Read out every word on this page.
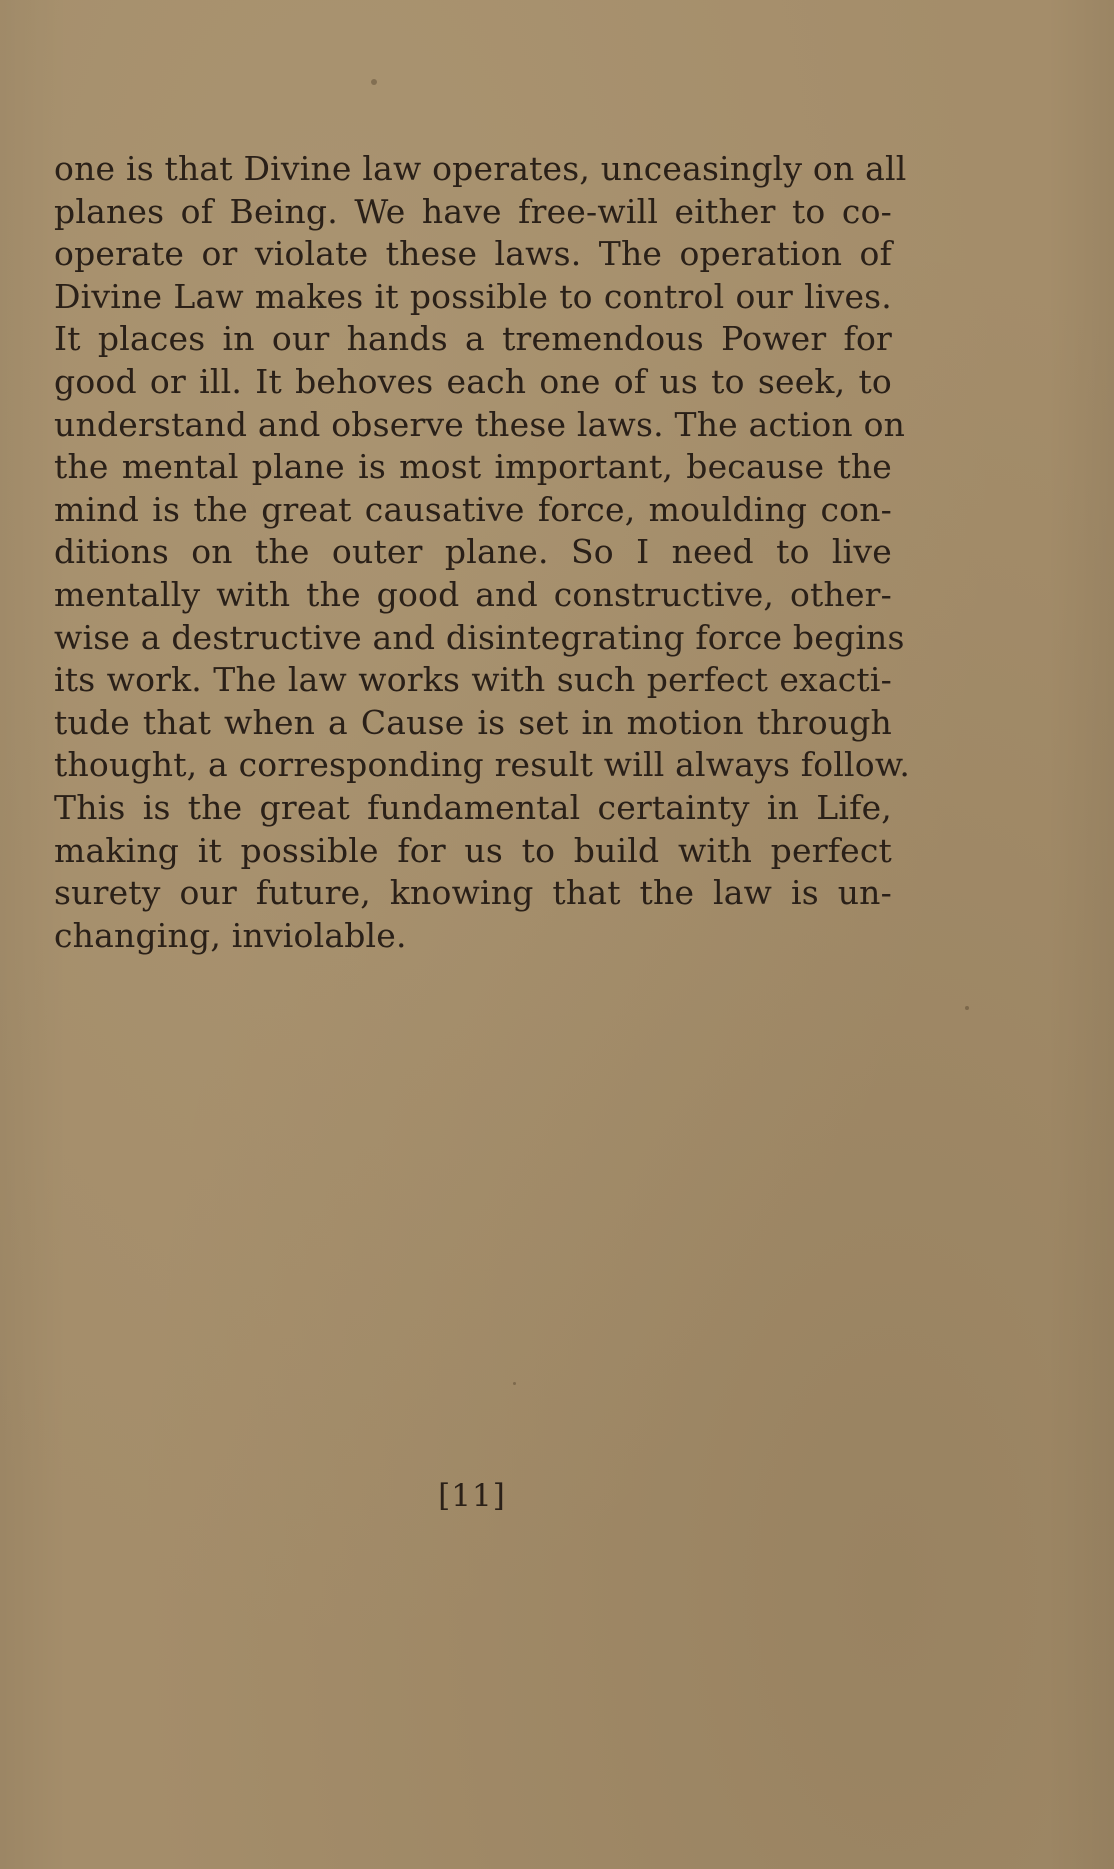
one is that Divine law operates, unceasingly on all
planes of Being. We have free-will either to co-
operate or violate these laws. The operation of
Divine Law makes it possible to control our lives.
It places in our hands a tremendous Power for
good or ill. It behoves each one of us to seek, to
understand and observe these laws. The action on
the mental plane is most important, because the
mind is the great causative force, moulding con-
ditions on the outer plane. So I need to live
mentally with the good and constructive, other-
wise a destructive and disintegrating force begins
its work. The law works with such perfect exacti-
tude that when a Cause is set in motion through
thought, a corresponding result will always follow.
This is the great fundamental certainty in Life,
making it possible for us to build with perfect
surety our future, knowing that the law is un-
changing, inviolable.
[11]
